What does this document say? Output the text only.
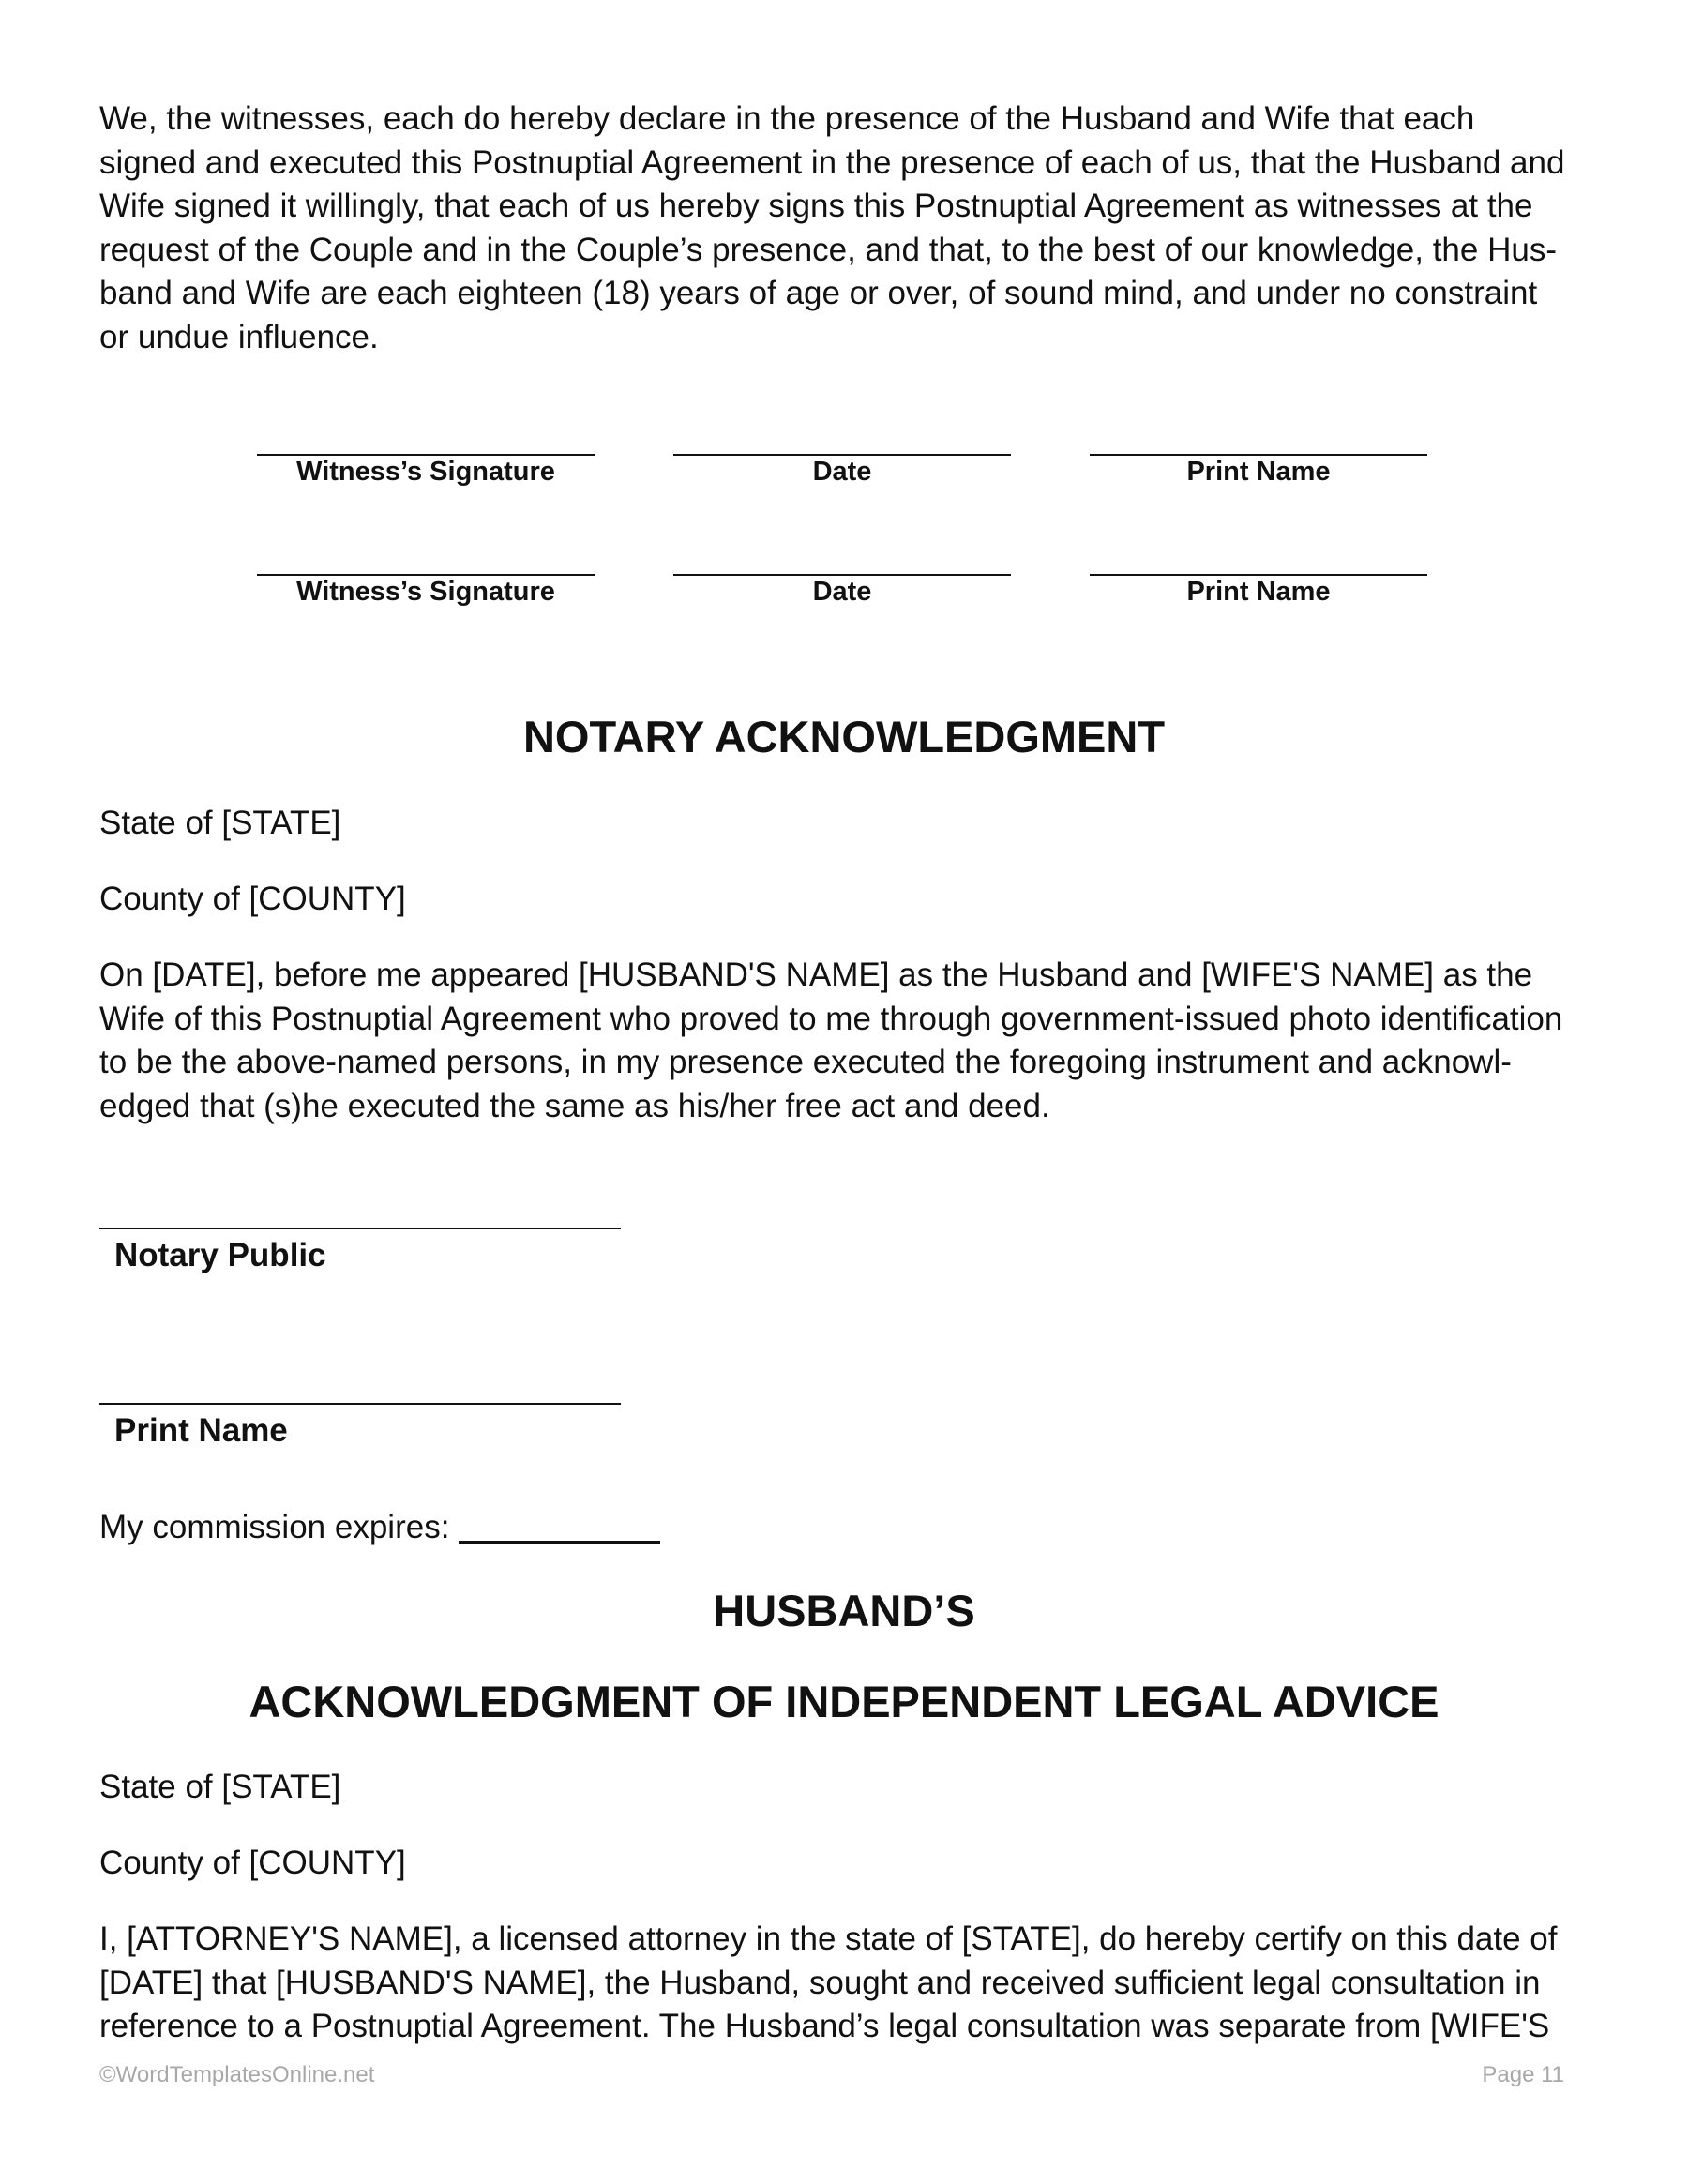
We, the witnesses, each do hereby declare in the presence of the Husband and Wife that each
signed and executed this Postnuptial Agreement in the presence of each of us, that the Husband and
Wife signed it willingly, that each of us hereby signs this Postnuptial Agreement as witnesses at the
request of the Couple and in the Couple’s presence, and that, to the best of our knowledge, the Hus-
band and Wife are each eighteen (18) years of age or over, of sound mind, and under no constraint
or undue influence.
Witness’s Signature	Date	Print Name
Witness’s Signature	Date	Print Name
NOTARY ACKNOWLEDGMENT
State of [STATE]
County of [COUNTY]
On [DATE], before me appeared [HUSBAND'S NAME] as the Husband and [WIFE'S NAME] as the
Wife of this Postnuptial Agreement who proved to me through government-issued photo identification
to be the above-named persons, in my presence executed the foregoing instrument and acknowl-
edged that (s)he executed the same as his/her free act and deed.
Notary Public
Print Name
My commission expires:
HUSBAND’S
ACKNOWLEDGMENT OF INDEPENDENT LEGAL ADVICE
State of [STATE]
County of [COUNTY]
I, [ATTORNEY'S NAME], a licensed attorney in the state of [STATE], do hereby certify on this date of
[DATE] that [HUSBAND'S NAME], the Husband, sought and received sufficient legal consultation in
reference to a Postnuptial Agreement. The Husband’s legal consultation was separate from [WIFE'S
©WordTemplatesOnline.net	Page 11
